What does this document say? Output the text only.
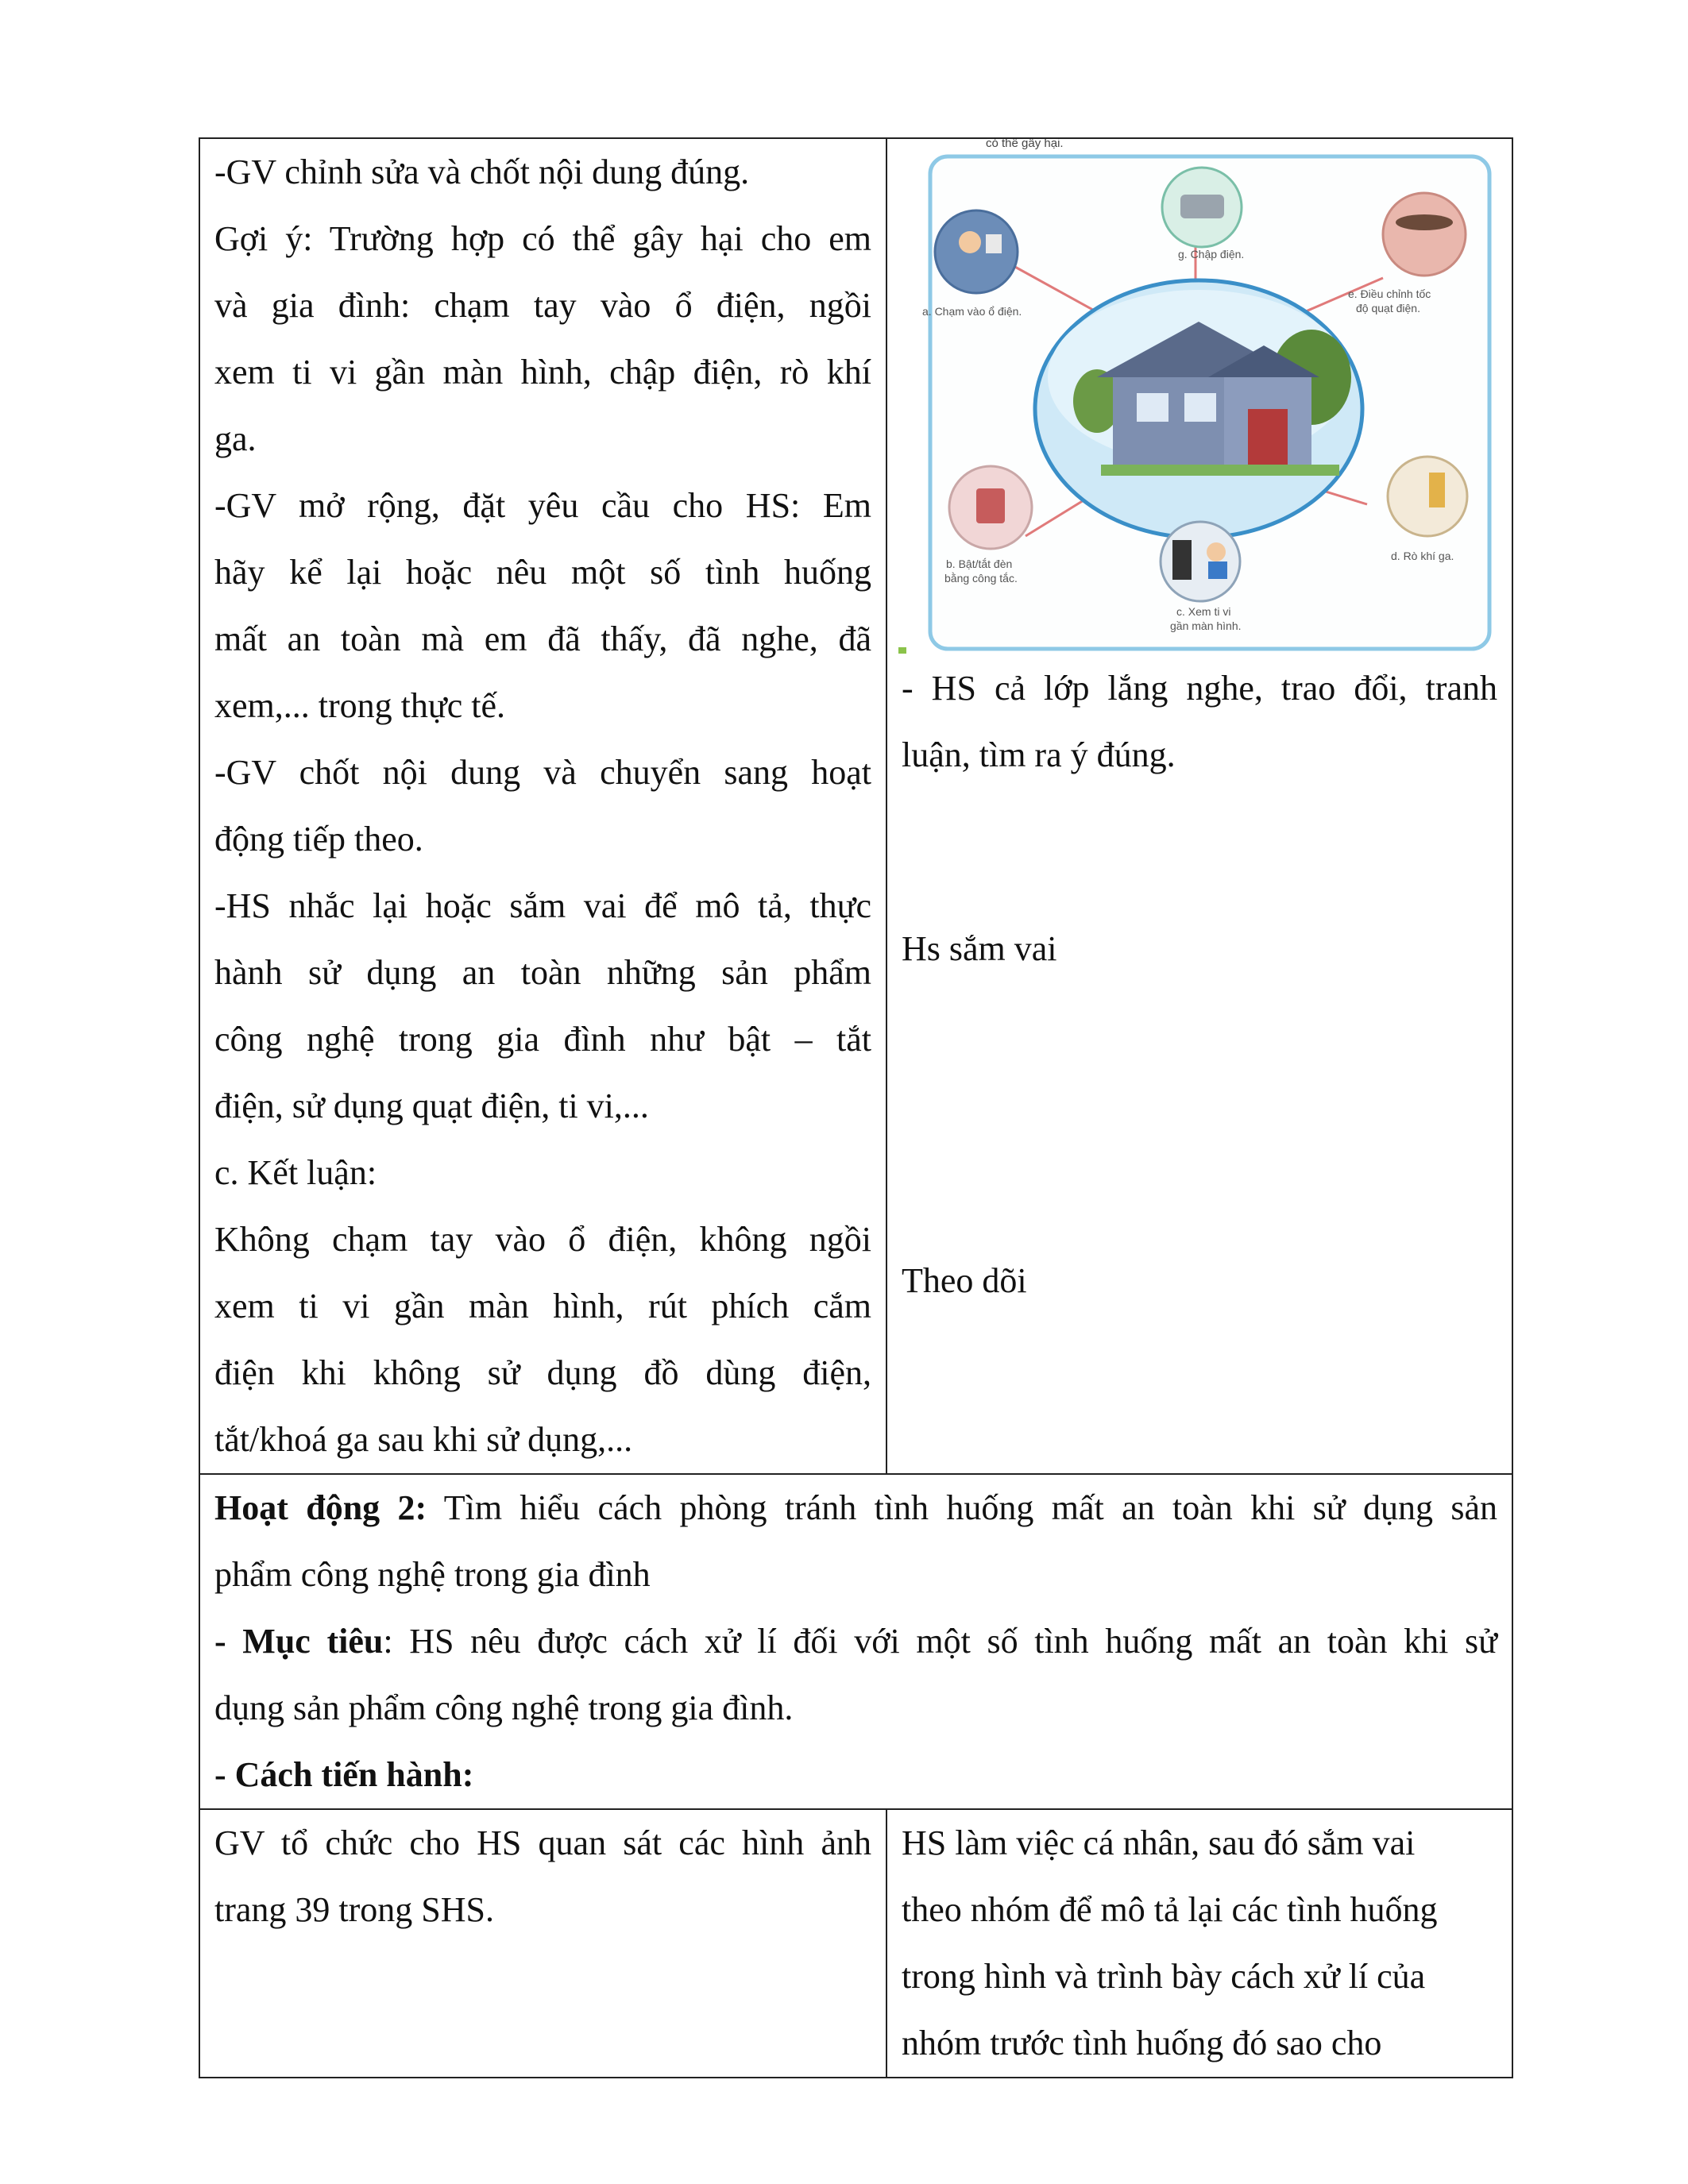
-GV chỉnh sửa và chốt nội dung đúng.

Gợi ý: Trường hợp có thể gây hại cho em

và gia đình: chạm tay vào ổ điện, ngồi

xem ti vi gần màn hình, chập điện, rò khí

ga.

-GV mở rộng, đặt yêu cầu cho HS: Em

hãy kể lại hoặc nêu một số tình huống

mất an toàn mà em đã thấy, đã nghe, đã

xem,... trong thực tế.

-GV chốt nội dung và chuyển sang hoạt

động tiếp theo.

-HS nhắc lại hoặc sắm vai để mô tả, thực

hành sử dụng an toàn những sản phẩm

công nghệ trong gia đình như bật – tắt

điện, sử dụng quạt điện, ti vi,...

c. Kết luận:

Không chạm tay vào ổ điện, không ngồi

xem ti vi gần màn hình, rút phích cắm

điện khi không sử dụng đồ dùng điện,

tắt/khoá ga sau khi sử dụng,...

có thể gây hại.
g. Chập điện.
a. Chạm vào ổ điện.
e. Điều chỉnh tốc
độ quạt điện.
b. Bật/tắt đèn
bằng công tắc.
d. Rò khí ga.
c. Xem ti vi
gần màn hình.

- HS cả lớp lắng nghe, trao đổi, tranh

luận, tìm ra ý đúng.

Hs sắm vai

Theo dõi

Hoạt động 2: Tìm hiểu cách phòng tránh tình huống mất an toàn khi sử dụng sản

phẩm công nghệ trong gia đình

- Mục tiêu: HS nêu được cách xử lí đối với một số tình huống mất an toàn khi sử

dụng sản phẩm công nghệ trong gia đình.

- Cách tiến hành:

GV tổ chức cho HS quan sát các hình ảnh

trang 39 trong SHS.

HS làm việc cá nhân, sau đó sắm vai

theo nhóm để mô tả lại các tình huống

trong hình và trình bày cách xử lí của

nhóm trước tình huống đó sao cho
